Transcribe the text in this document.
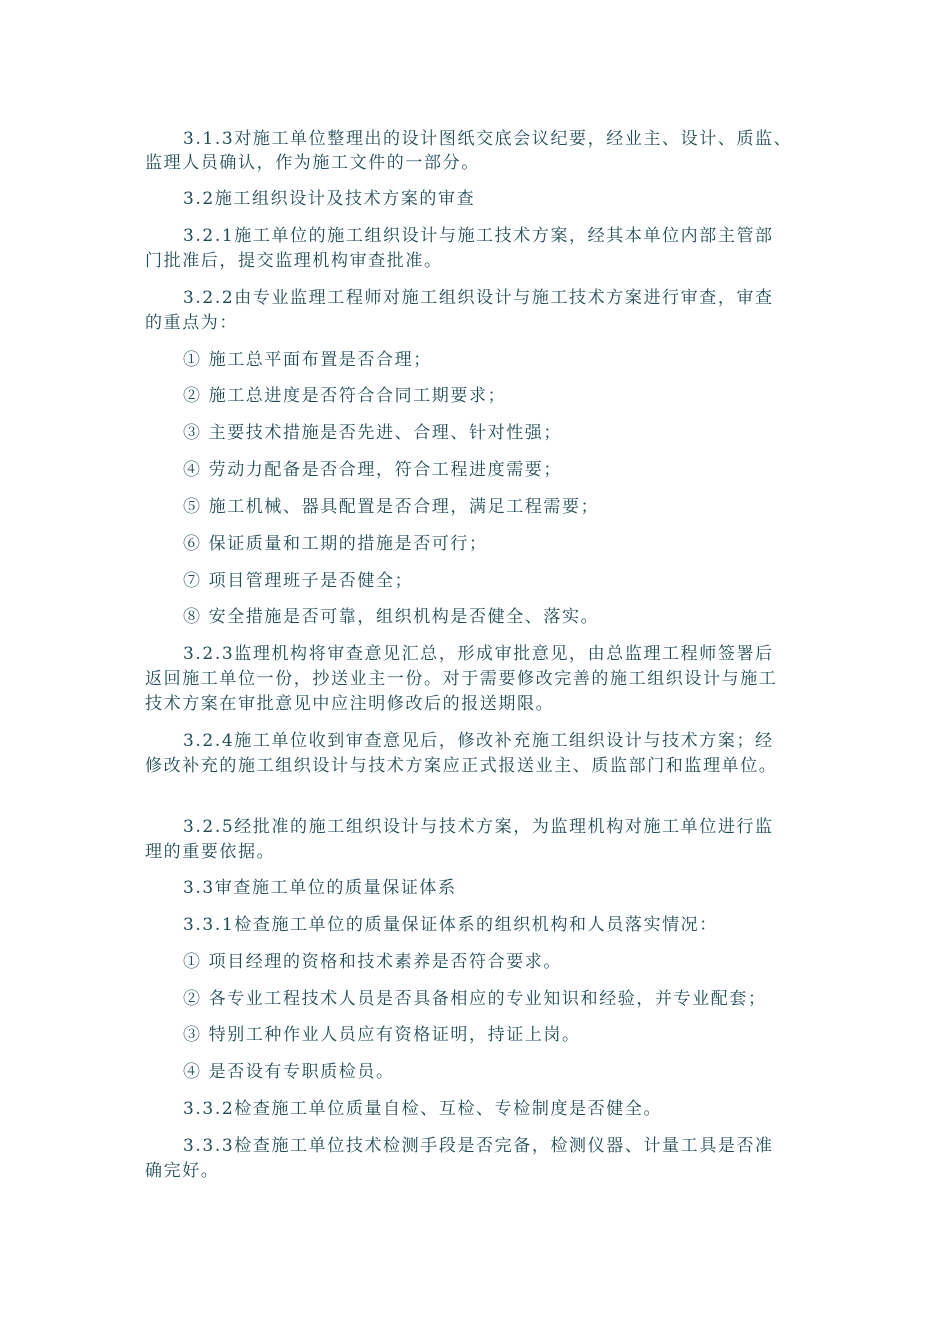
3.1.3对施工单位整理出的设计图纸交底会议纪要，经业主、设计、质监、
监理人员确认，作为施工文件的一部分。
3.2施工组织设计及技术方案的审查
3.2.1施工单位的施工组织设计与施工技术方案，经其本单位内部主管部
门批准后，提交监理机构审查批准。
3.2.2由专业监理工程师对施工组织设计与施工技术方案进行审查，审查
的重点为：
① 施工总平面布置是否合理；
② 施工总进度是否符合合同工期要求；
③ 主要技术措施是否先进、合理、针对性强；
④ 劳动力配备是否合理，符合工程进度需要；
⑤ 施工机械、器具配置是否合理，满足工程需要；
⑥ 保证质量和工期的措施是否可行；
⑦ 项目管理班子是否健全；
⑧ 安全措施是否可靠，组织机构是否健全、落实。
3.2.3监理机构将审查意见汇总，形成审批意见，由总监理工程师签署后
返回施工单位一份，抄送业主一份。对于需要修改完善的施工组织设计与施工
技术方案在审批意见中应注明修改后的报送期限。
3.2.4施工单位收到审查意见后，修改补充施工组织设计与技术方案；经
修改补充的施工组织设计与技术方案应正式报送业主、质监部门和监理单位。
3.2.5经批准的施工组织设计与技术方案，为监理机构对施工单位进行监
理的重要依据。
3.3审查施工单位的质量保证体系
3.3.1检查施工单位的质量保证体系的组织机构和人员落实情况：
① 项目经理的资格和技术素养是否符合要求。
② 各专业工程技术人员是否具备相应的专业知识和经验，并专业配套；
③ 特别工种作业人员应有资格证明，持证上岗。
④ 是否设有专职质检员。
3.3.2检查施工单位质量自检、互检、专检制度是否健全。
3.3.3检查施工单位技术检测手段是否完备，检测仪器、计量工具是否准
确完好。
